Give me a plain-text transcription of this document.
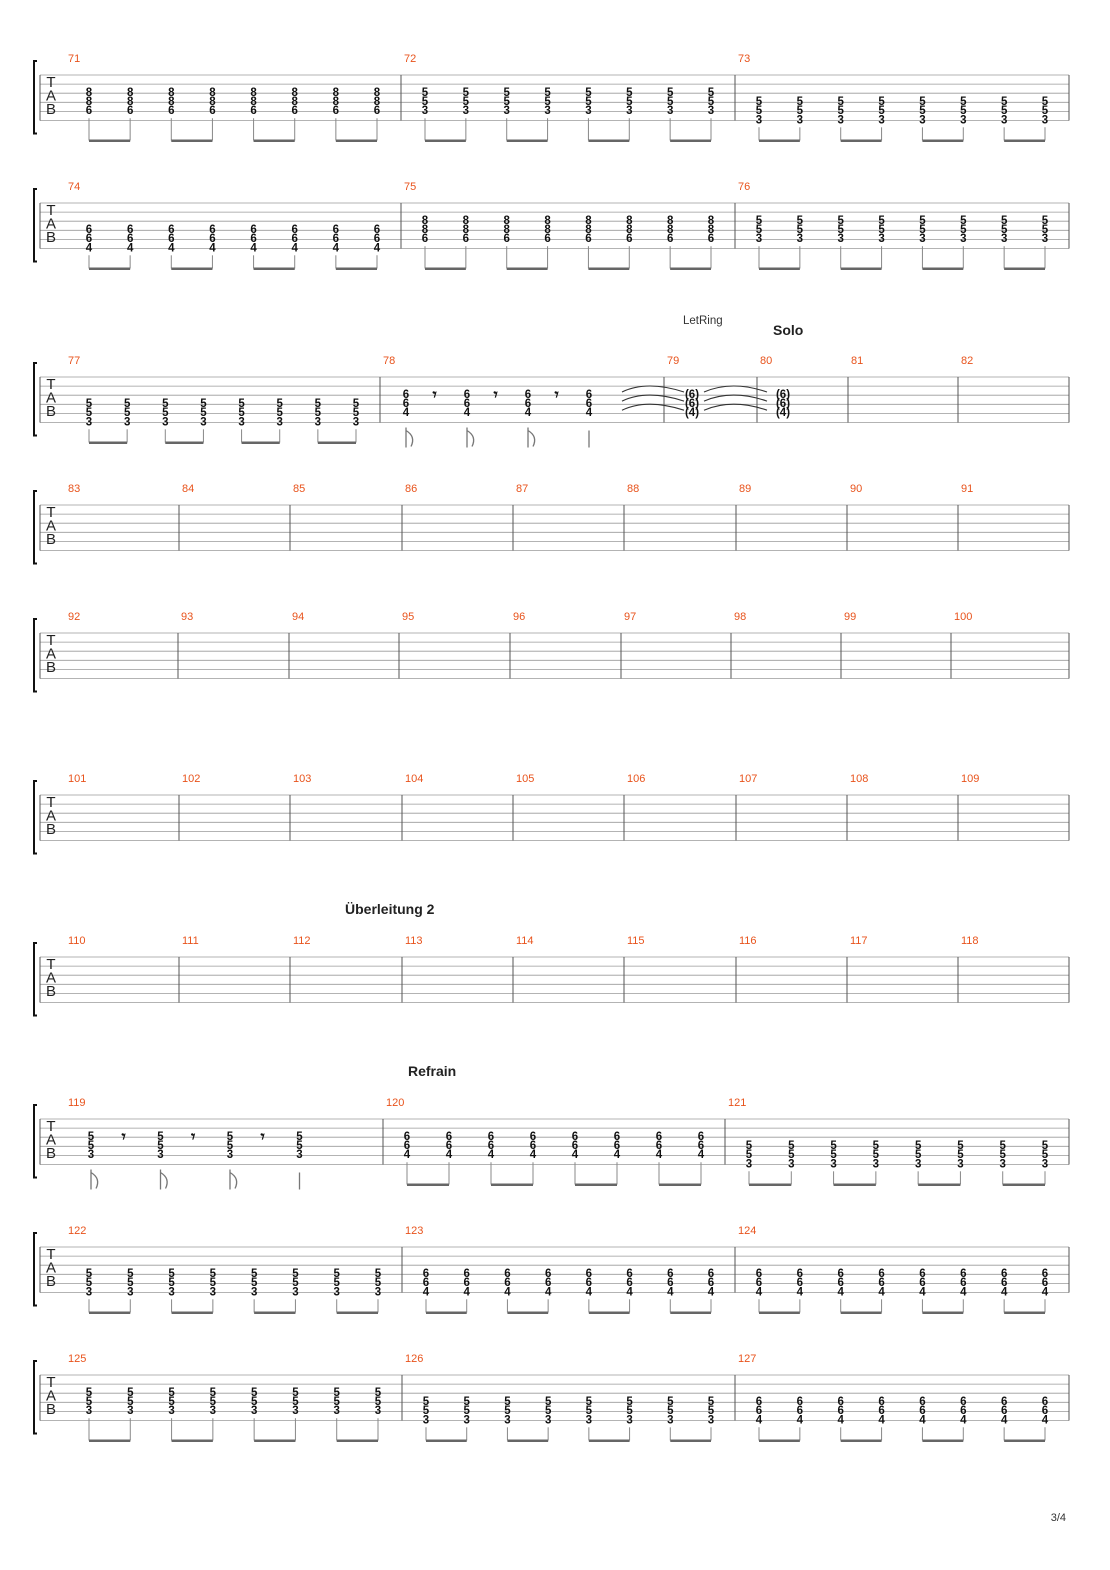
T
A
B
71
8
8
6
8
8
6
8
8
6
8
8
6
8
8
6
8
8
6
8
8
6
8
8
6
72
5
5
3
5
5
3
5
5
3
5
5
3
5
5
3
5
5
3
5
5
3
5
5
3
73
5
5
3
5
5
3
5
5
3
5
5
3
5
5
3
5
5
3
5
5
3
5
5
3
T
A
B
74
6
6
4
6
6
4
6
6
4
6
6
4
6
6
4
6
6
4
6
6
4
6
6
4
75
8
8
6
8
8
6
8
8
6
8
8
6
8
8
6
8
8
6
8
8
6
8
8
6
76
5
5
3
5
5
3
5
5
3
5
5
3
5
5
3
5
5
3
5
5
3
5
5
3
T
A
B
77
5
5
3
5
5
3
5
5
3
5
5
3
5
5
3
5
5
3
5
5
3
5
5
3
78
6
6
4
𝄾 6
6
4
𝄾 6
6
4
𝄾 6
6
4
79
(6)
(6)
(4)
80
(6)
(6)
(4)
81	82
T
A
B
83	84	85	86	87	88	89	90	91
T
A
B
92	93	94	95	96	97	98	99	100
T
A
B
101	102	103	104	105	106	107	108	109
T
A
B
110	111	112	113	114	115	116	117	118
T
A
B
119
5
5
3
𝄾	5
5
3
𝄾	5
5
3
𝄾	5
5
3
120
6
6
4
6
6
4
6
6
4
6
6
4
6
6
4
6
6
4
6
6
4
6
6
4
121
5
5
3
5
5
3
5
5
3
5
5
3
5
5
3
5
5
3
5
5
3
5
5
3
T
A
B
122
5
5
3
5
5
3
5
5
3
5
5
3
5
5
3
5
5
3
5
5
3
5
5
3
123
6
6
4
6
6
4
6
6
4
6
6
4
6
6
4
6
6
4
6
6
4
6
6
4
124
6
6
4
6
6
4
6
6
4
6
6
4
6
6
4
6
6
4
6
6
4
6
6
4
T
A
B
125
5
5
3
5
5
3
5
5
3
5
5
3
5
5
3
5
5
3
5
5
3
5
5
3
126
5
5
3
5
5
3
5
5
3
5
5
3
5
5
3
5
5
3
5
5
3
5
5
3
127
6
6
4
6
6
4
6
6
4
6
6
4
6
6
4
6
6
4
6
6
4
6
6
4
LetRing
Solo
Überleitung 2
Refrain
3/4
